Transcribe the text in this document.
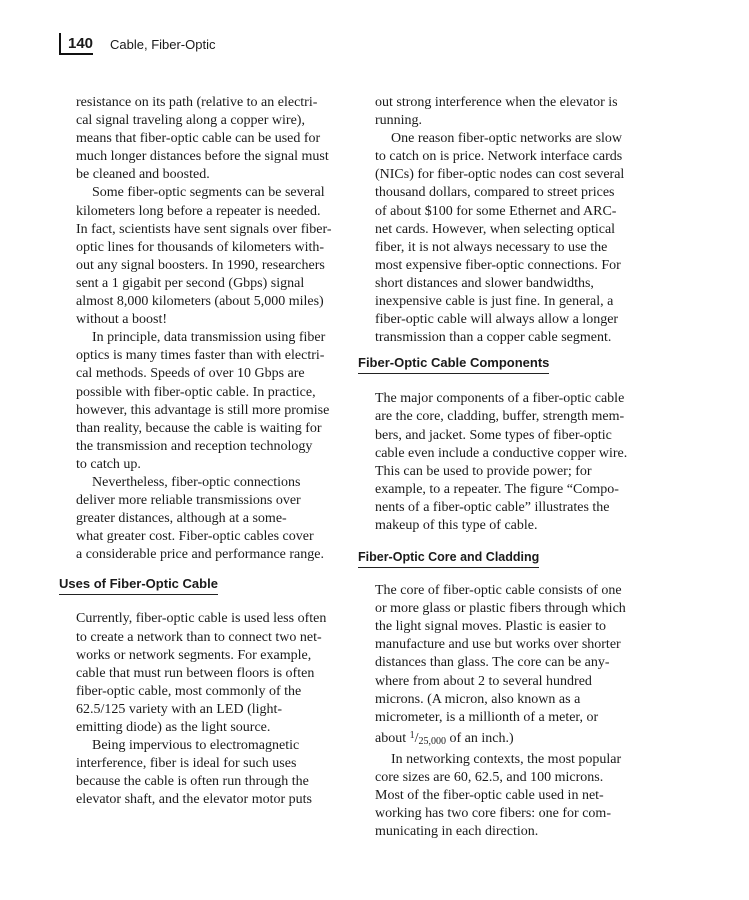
140 Cable, Fiber-Optic

resistance on its path (relative to an electri-
cal signal traveling along a copper wire),
means that fiber-optic cable can be used for
much longer distances before the signal must
be cleaned and boosted.

Some fiber-optic segments can be several
kilometers long before a repeater is needed.
In fact, scientists have sent signals over fiber-
optic lines for thousands of kilometers with-
out any signal boosters. In 1990, researchers
sent a 1 gigabit per second (Gbps) signal
almost 8,000 kilometers (about 5,000 miles)
without a boost!

In principle, data transmission using fiber
optics is many times faster than with electri-
cal methods. Speeds of over 10 Gbps are
possible with fiber-optic cable. In practice,
however, this advantage is still more promise
than reality, because the cable is waiting for
the transmission and reception technology
to catch up.

Nevertheless, fiber-optic connections
deliver more reliable transmissions over
greater distances, although at a some-
what greater cost. Fiber-optic cables cover
a considerable price and performance range.

Uses of Fiber-Optic Cable

Currently, fiber-optic cable is used less often
to create a network than to connect two net-
works or network segments. For example,
cable that must run between floors is often
fiber-optic cable, most commonly of the
62.5/125 variety with an LED (light-
emitting diode) as the light source.

Being impervious to electromagnetic
interference, fiber is ideal for such uses
because the cable is often run through the
elevator shaft, and the elevator motor puts

out strong interference when the elevator is
running.

One reason fiber-optic networks are slow
to catch on is price. Network interface cards
(NICs) for fiber-optic nodes can cost several
thousand dollars, compared to street prices
of about $100 for some Ethernet and ARC-
net cards. However, when selecting optical
fiber, it is not always necessary to use the
most expensive fiber-optic connections. For
short distances and slower bandwidths,
inexpensive cable is just fine. In general, a
fiber-optic cable will always allow a longer
transmission than a copper cable segment.

Fiber-Optic Cable Components

The major components of a fiber-optic cable
are the core, cladding, buffer, strength mem-
bers, and jacket. Some types of fiber-optic
cable even include a conductive copper wire.
This can be used to provide power; for
example, to a repeater. The figure “Compo-
nents of a fiber-optic cable” illustrates the
makeup of this type of cable.

Fiber-Optic Core and Cladding

The core of fiber-optic cable consists of one
or more glass or plastic fibers through which
the light signal moves. Plastic is easier to
manufacture and use but works over shorter
distances than glass. The core can be any-
where from about 2 to several hundred
microns. (A micron, also known as a
micrometer, is a millionth of a meter, or
about $^1/_{25,000}$ of an inch.)

In networking contexts, the most popular
core sizes are 60, 62.5, and 100 microns.
Most of the fiber-optic cable used in net-
working has two core fibers: one for com-
municating in each direction.
